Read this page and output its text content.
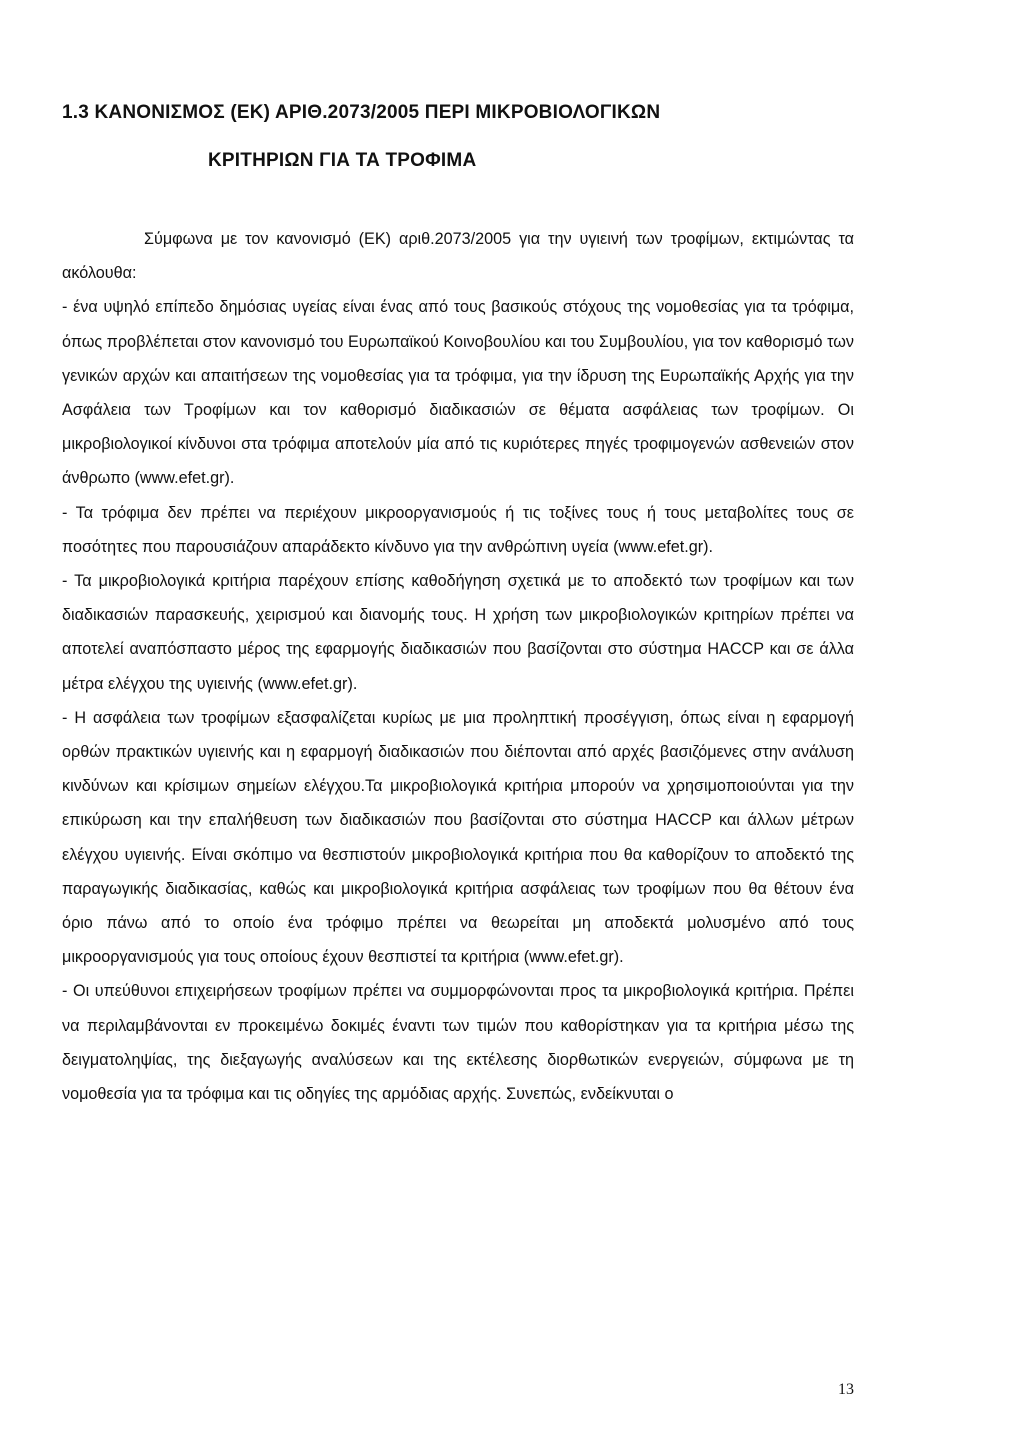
1.3 ΚΑΝΟΝΙΣΜΟΣ (ΕΚ) ΑΡΙΘ.2073/2005 ΠΕΡΙ ΜΙΚΡΟΒΙΟΛΟΓΙΚΩΝ
ΚΡΙΤΗΡΙΩΝ ΓΙΑ ΤΑ ΤΡΟΦΙΜΑ

Σύμφωνα με τον κανονισμό (ΕΚ) αριθ.2073/2005 για την υγιεινή των τροφίμων, εκτιμώντας τα ακόλουθα:

- ένα υψηλό επίπεδο δημόσιας υγείας είναι ένας από τους βασικούς στόχους της νομοθεσίας για τα τρόφιμα, όπως προβλέπεται στον κανονισμό του Ευρωπαϊκού Κοινοβουλίου και του Συμβουλίου, για τον καθορισμό των γενικών αρχών και απαιτήσεων της νομοθεσίας για τα τρόφιμα, για την ίδρυση της Ευρωπαϊκής Αρχής για την Ασφάλεια των Τροφίμων και τον καθορισμό διαδικασιών σε θέματα ασφάλειας των τροφίμων. Οι μικροβιολογικοί κίνδυνοι στα τρόφιμα αποτελούν μία από τις κυριότερες πηγές τροφιμογενών ασθενειών στον άνθρωπο (www.efet.gr).

- Τα τρόφιμα δεν πρέπει να περιέχουν μικροοργανισμούς ή τις τοξίνες τους ή τους μεταβολίτες τους σε ποσότητες που παρουσιάζουν απαράδεκτο κίνδυνο για την ανθρώπινη υγεία (www.efet.gr).

- Τα μικροβιολογικά κριτήρια παρέχουν επίσης καθοδήγηση σχετικά με το αποδεκτό των τροφίμων και των διαδικασιών παρασκευής, χειρισμού και διανομής τους. Η χρήση των μικροβιολογικών κριτηρίων πρέπει να αποτελεί αναπόσπαστο μέρος της εφαρμογής διαδικασιών που βασίζονται στο σύστημα HACCP και σε άλλα μέτρα ελέγχου της υγιεινής (www.efet.gr).

- Η ασφάλεια των τροφίμων εξασφαλίζεται κυρίως με μια προληπτική προσέγγιση, όπως είναι η εφαρμογή ορθών πρακτικών υγιεινής και η εφαρμογή διαδικασιών που διέπονται από αρχές βασιζόμενες στην ανάλυση κινδύνων και κρίσιμων σημείων ελέγχου.Τα μικροβιολογικά κριτήρια μπορούν να χρησιμοποιούνται για την επικύρωση και την επαλήθευση των διαδικασιών που βασίζονται στο σύστημα HACCP και άλλων μέτρων ελέγχου υγιεινής. Είναι σκόπιμο να θεσπιστούν μικροβιολογικά κριτήρια που θα καθορίζουν το αποδεκτό της παραγωγικής διαδικασίας, καθώς και μικροβιολογικά κριτήρια ασφάλειας των τροφίμων που θα θέτουν ένα όριο πάνω από το οποίο ένα τρόφιμο πρέπει να θεωρείται μη αποδεκτά μολυσμένο από τους μικροοργανισμούς για τους οποίους έχουν θεσπιστεί τα κριτήρια (www.efet.gr).

- Οι υπεύθυνοι επιχειρήσεων τροφίμων πρέπει να συμμορφώνονται προς τα μικροβιολογικά κριτήρια. Πρέπει να περιλαμβάνονται εν προκειμένω δοκιμές έναντι των τιμών που καθορίστηκαν για τα κριτήρια μέσω της δειγματοληψίας, της διεξαγωγής αναλύσεων και της εκτέλεσης διορθωτικών ενεργειών, σύμφωνα με τη νομοθεσία για τα τρόφιμα και τις οδηγίες της αρμόδιας αρχής. Συνεπώς, ενδείκνυται ο

13
